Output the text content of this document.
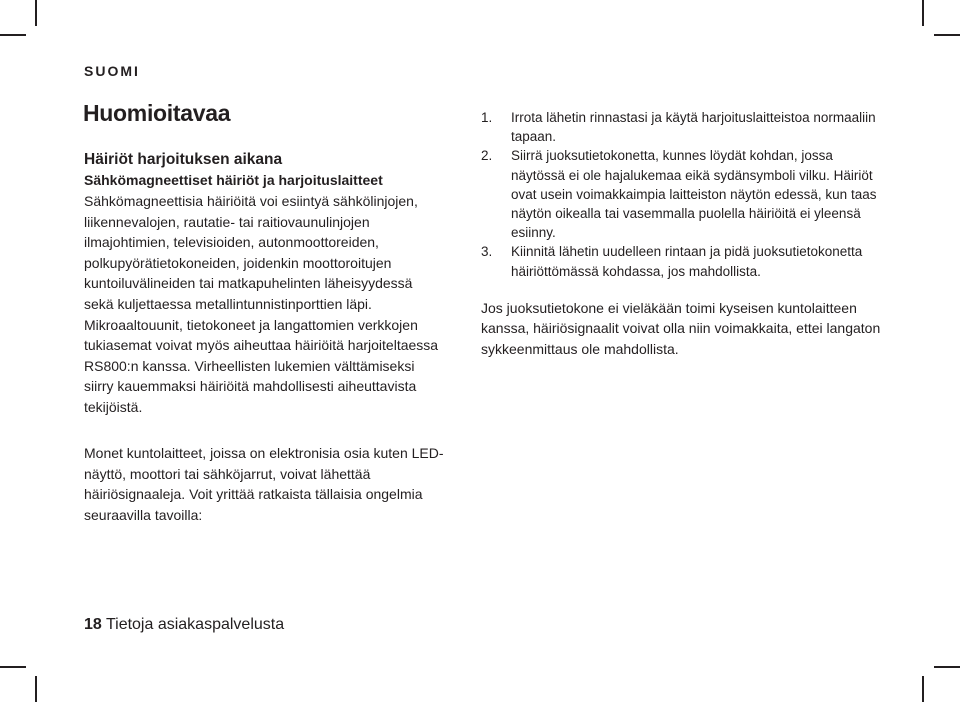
SUOMI
Huomioitavaa

Häiriöt harjoituksen aikana

Sähkömagneettiset häiriöt ja harjoituslaitteet

Sähkömagneettisia häiriöitä voi esiintyä sähkölinjojen, liikennevalojen, rautatie- tai raitiovaunulinjojen ilmajohtimien, televisioiden, autonmoottoreiden, polkupyörätietokoneiden, joidenkin moottoroitujen kuntoiluvälineiden tai matkapuhelinten läheisyydessä sekä kuljettaessa metallintunnistinporttien läpi. Mikroaaltouunit, tietokoneet ja langattomien verkkojen tukiasemat voivat myös aiheuttaa häiriöitä harjoiteltaessa RS800:n kanssa. Virheellisten lukemien välttämiseksi siirry kauemmaksi häiriöitä mahdollisesti aiheuttavista tekijöistä.

Monet kuntolaitteet, joissa on elektronisia osia kuten LED-näyttö, moottori tai sähköjarrut, voivat lähettää häiriösignaaleja. Voit yrittää ratkaista tällaisia ongelmia seuraavilla tavoilla:

1.	Irrota lähetin rinnastasi ja käytä harjoituslaitteistoa normaaliin tapaan.
2.	Siirrä juoksutietokonetta, kunnes löydät kohdan, jossa näytössä ei ole hajalukemaa eikä sydänsymboli vilku. Häiriöt ovat usein voimakkaimpia laitteiston näytön edessä, kun taas näytön oikealla tai vasemmalla puolella häiriöitä ei yleensä esiinny.
3.	Kiinnitä lähetin uudelleen rintaan ja pidä juoksutietokonetta häiriöttömässä kohdassa, jos mahdollista.

Jos juoksutietokone ei vieläkään toimi kyseisen kuntolaitteen kanssa, häiriösignaalit voivat olla niin voimakkaita, ettei langaton sykkeenmittaus ole mahdollista.

18 Tietoja asiakaspalvelusta
